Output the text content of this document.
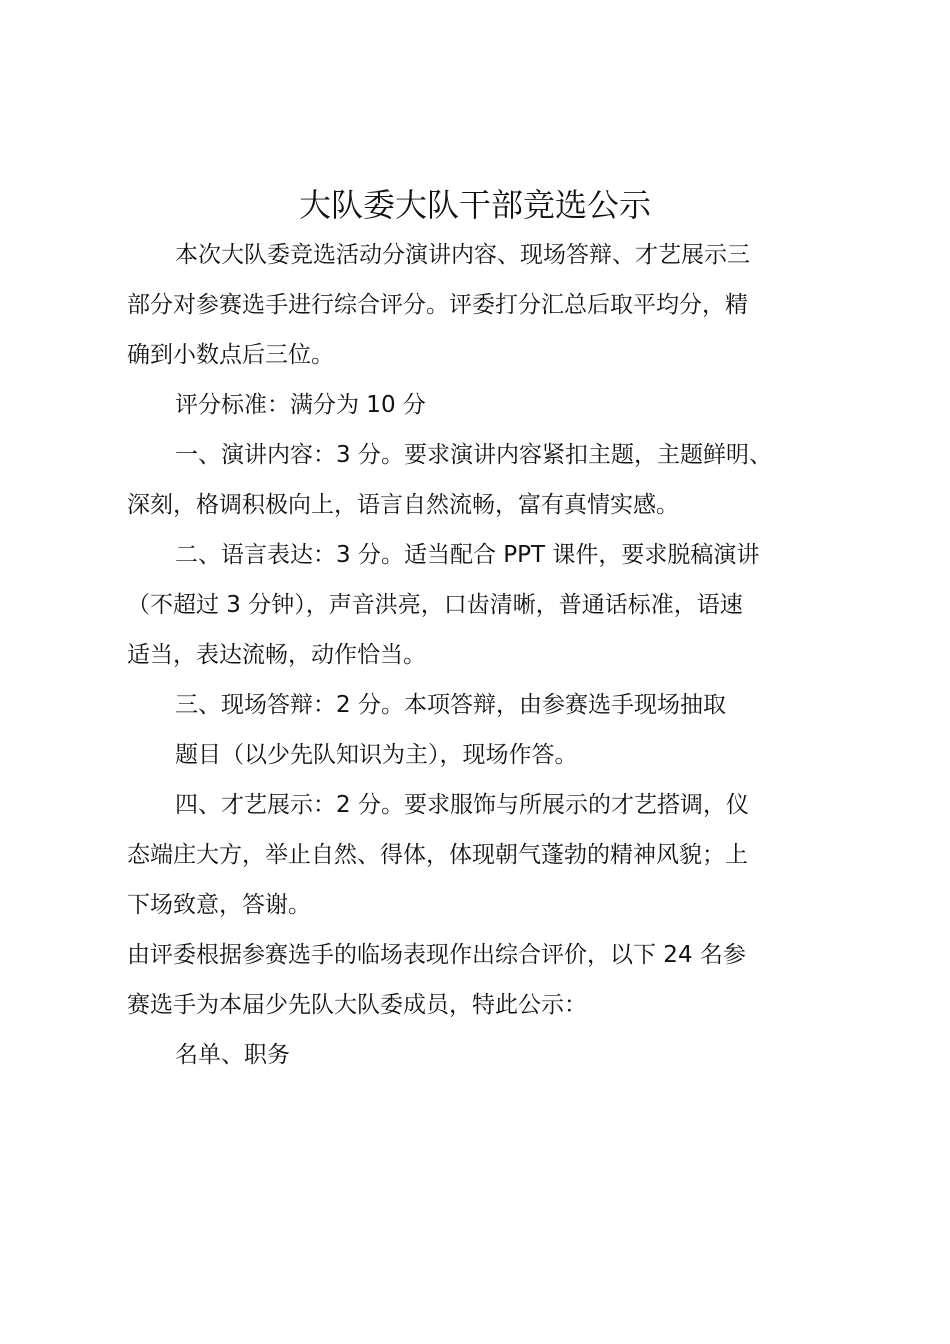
大队委大队干部竞选公示
本次大队委竞选活动分演讲内容、现场答辩、才艺展示三
部分对参赛选手进行综合评分。评委打分汇总后取平均分，精
确到小数点后三位。
评分标准：满分为 10 分
一、演讲内容：3 分。要求演讲内容紧扣主题，主题鲜明、
深刻，格调积极向上，语言自然流畅，富有真情实感。
二、语言表达：3 分。适当配合 PPT 课件，要求脱稿演讲
（不超过 3 分钟），声音洪亮，口齿清晰，普通话标准，语速
适当，表达流畅，动作恰当。
三、现场答辩：2 分。本项答辩，由参赛选手现场抽取
题目（以少先队知识为主），现场作答。
四、才艺展示：2 分。要求服饰与所展示的才艺搭调，仪
态端庄大方，举止自然、得体，体现朝气蓬勃的精神风貌；上
下场致意，答谢。
由评委根据参赛选手的临场表现作出综合评价，以下 24 名参
赛选手为本届少先队大队委成员，特此公示：
名单、职务
